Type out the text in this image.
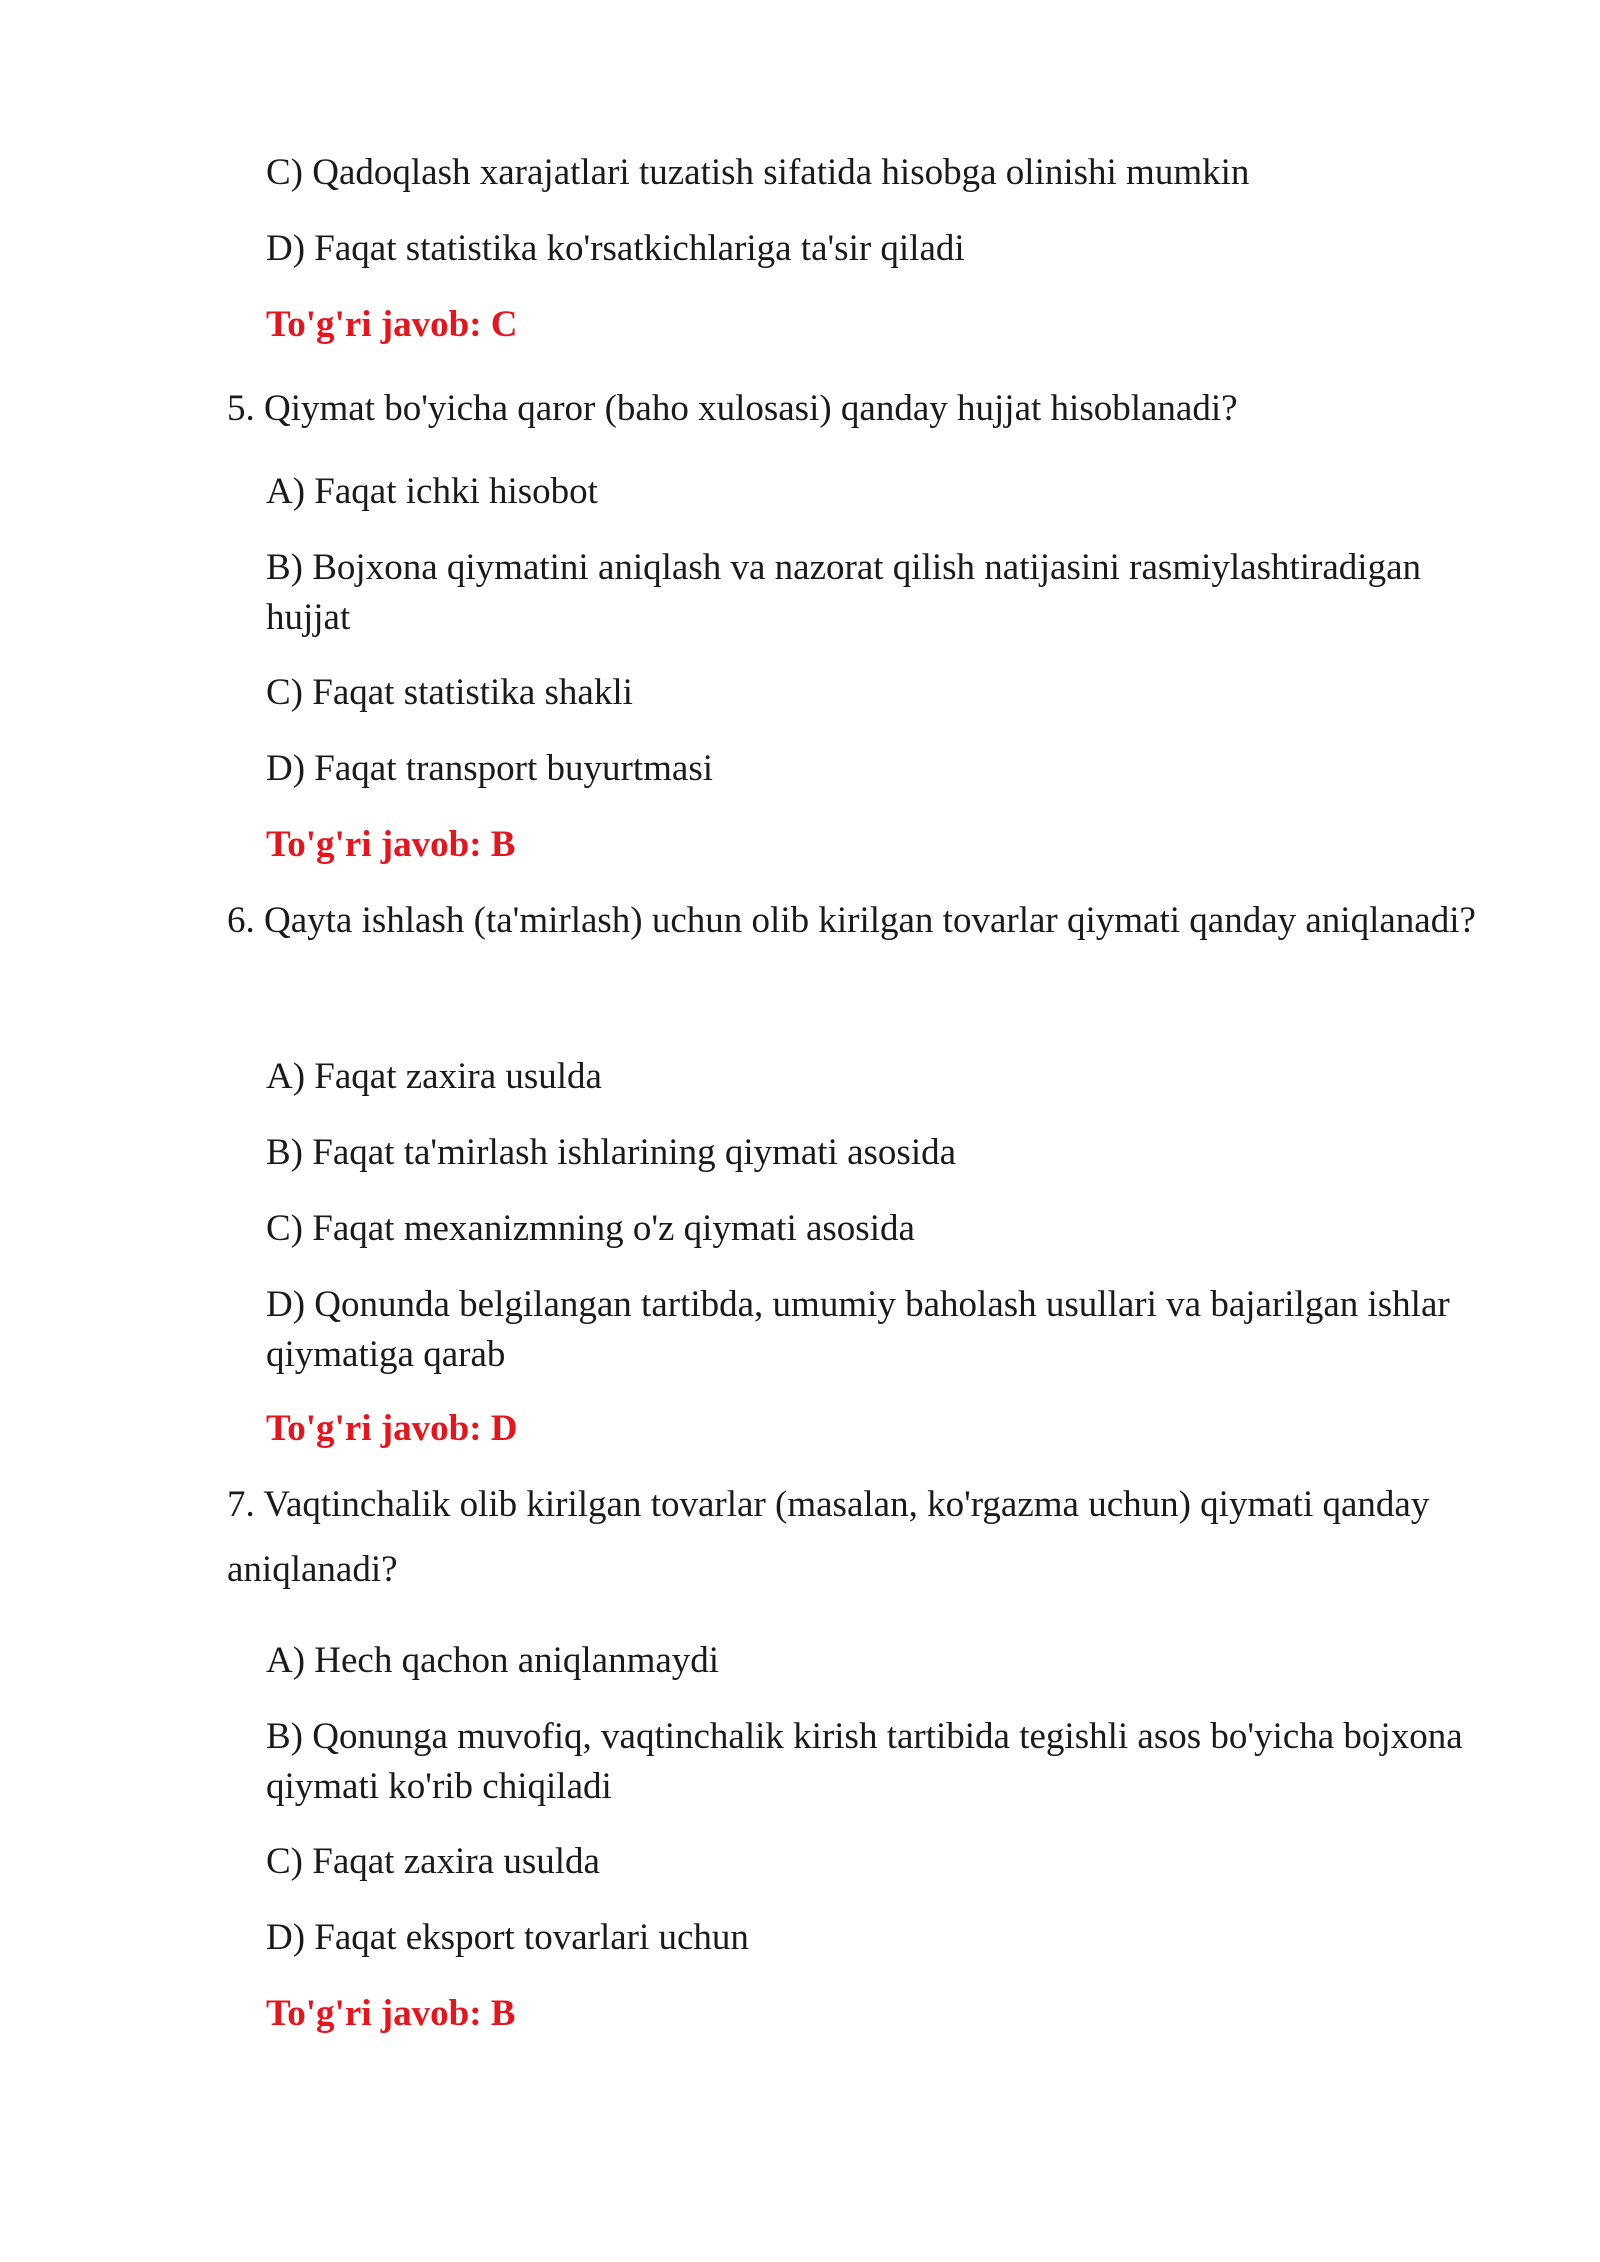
C) Qadoqlash xarajatlari tuzatish sifatida hisobga olinishi mumkin
D) Faqat statistika ko'rsatkichlariga ta'sir qiladi
To'g'ri javob: C
5. Qiymat bo'yicha qaror (baho xulosasi) qanday hujjat hisoblanadi?
A) Faqat ichki hisobot
B) Bojxona qiymatini aniqlash va nazorat qilish natijasini rasmiylashtiradigan hujjat
C) Faqat statistika shakli
D) Faqat transport buyurtmasi
To'g'ri javob: B
6. Qayta ishlash (ta'mirlash) uchun olib kirilgan tovarlar qiymati qanday aniqlanadi?
A) Faqat zaxira usulda
B) Faqat ta'mirlash ishlarining qiymati asosida
C) Faqat mexanizmning o'z qiymati asosida
D) Qonunda belgilangan tartibda, umumiy baholash usullari va bajarilgan ishlar qiymatiga qarab
To'g'ri javob: D
7. Vaqtinchalik olib kirilgan tovarlar (masalan, ko'rgazma uchun) qiymati qanday aniqlanadi?
A) Hech qachon aniqlanmaydi
B) Qonunga muvofiq, vaqtinchalik kirish tartibida tegishli asos bo'yicha bojxona qiymati ko'rib chiqiladi
C) Faqat zaxira usulda
D) Faqat eksport tovarlari uchun
To'g'ri javob: B
